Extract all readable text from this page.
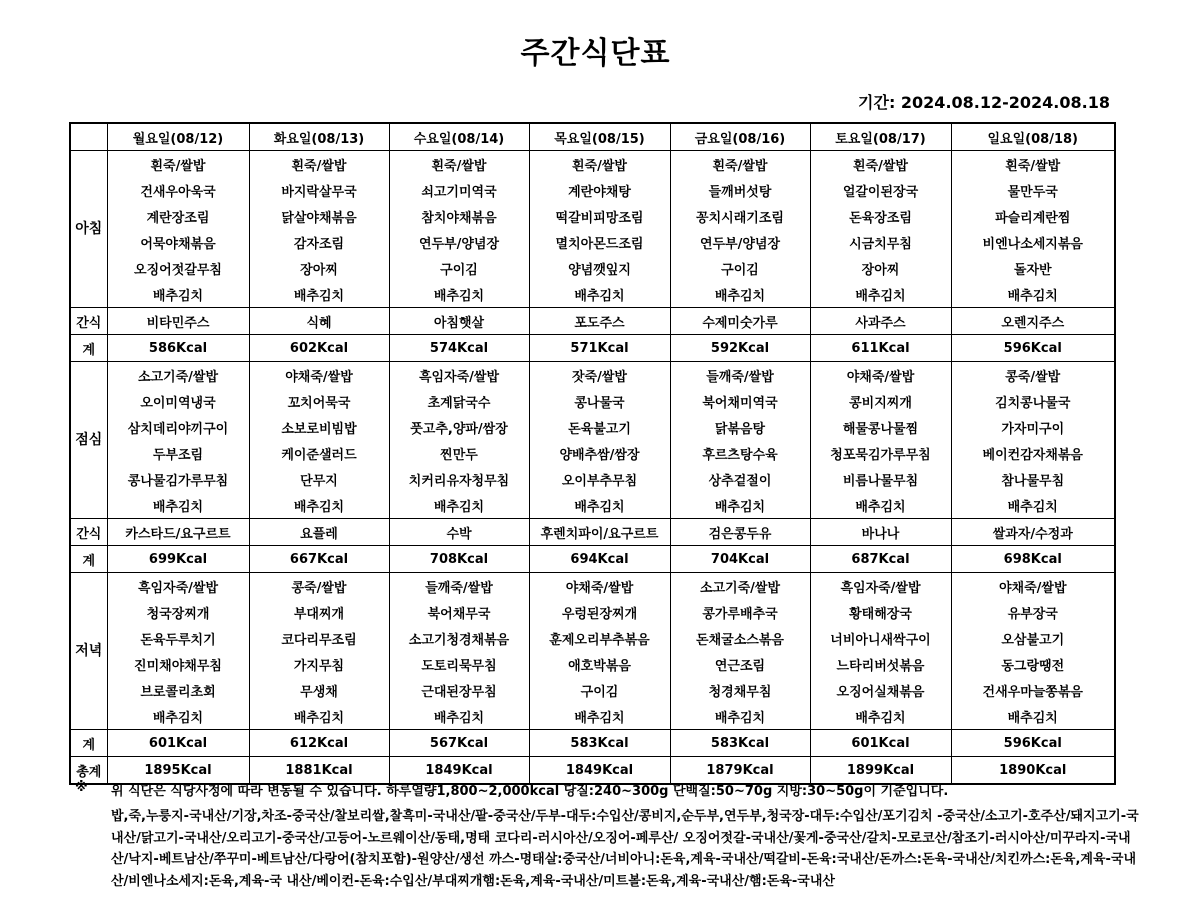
주간식단표
기간: 2024.08.12-2024.08.18
	월요일(08/12)	화요일(08/13)	수요일(08/14)	목요일(08/15)	금요일(08/16)	토요일(08/17)	일요일(08/18)
아침	흰죽/쌀밥	흰죽/쌀밥	흰죽/쌀밥	흰죽/쌀밥	흰죽/쌀밥	흰죽/쌀밥	흰죽/쌀밥
	건새우아욱국	바지락살무국	쇠고기미역국	계란야채탕	들깨버섯탕	얼갈이된장국	물만두국
	계란장조림	닭살야채볶음	참치야채볶음	떡갈비피망조림	꽁치시래기조림	돈육장조림	파슬리계란찜
	어묵야채볶음	감자조림	연두부/양념장	멸치아몬드조림	연두부/양념장	시금치무침	비엔나소세지볶음
	오징어젓갈무침	장아찌	구이김	양념깻잎지	구이김	장아찌	돌자반
	배추김치	배추김치	배추김치	배추김치	배추김치	배추김치	배추김치
간식	비타민주스	식혜	아침햇살	포도주스	수제미숫가루	사과주스	오렌지주스
계	586Kcal	602Kcal	574Kcal	571Kcal	592Kcal	611Kcal	596Kcal
점심	소고기죽/쌀밥	야채죽/쌀밥	흑임자죽/쌀밥	잣죽/쌀밥	들깨죽/쌀밥	야채죽/쌀밥	콩죽/쌀밥
	오이미역냉국	꼬치어묵국	초계닭국수	콩나물국	북어채미역국	콩비지찌개	김치콩나물국
	삼치데리야끼구이	소보로비빔밥	풋고추,양파/쌈장	돈육불고기	닭볶음탕	해물콩나물찜	가자미구이
	두부조림	케이준샐러드	찐만두	양배추쌈/쌈장	후르츠탕수육	청포묵김가루무침	베이컨감자채볶음
	콩나물김가루무침	단무지	치커리유자청무침	오이부추무침	상추겉절이	비름나물무침	참나물무침
	배추김치	배추김치	배추김치	배추김치	배추김치	배추김치	배추김치
간식	카스타드/요구르트	요플레	수박	후렌치파이/요구르트	검은콩두유	바나나	쌀과자/수정과
계	699Kcal	667Kcal	708Kcal	694Kcal	704Kcal	687Kcal	698Kcal
저녁	흑임자죽/쌀밥	콩죽/쌀밥	들깨죽/쌀밥	야채죽/쌀밥	소고기죽/쌀밥	흑임자죽/쌀밥	야채죽/쌀밥
	청국장찌개	부대찌개	북어채무국	우렁된장찌개	콩가루배추국	황태해장국	유부장국
	돈육두루치기	코다리무조림	소고기청경채볶음	훈제오리부추볶음	돈채굴소스볶음	너비아니새싹구이	오삼불고기
	진미채야채무침	가지무침	도토리묵무침	애호박볶음	연근조림	느타리버섯볶음	동그랑땡전
	브로콜리초회	무생채	근대된장무침	구이김	청경채무침	오징어실채볶음	건새우마늘쫑볶음
	배추김치	배추김치	배추김치	배추김치	배추김치	배추김치	배추김치
계	601Kcal	612Kcal	567Kcal	583Kcal	583Kcal	601Kcal	596Kcal
총계	1895Kcal	1881Kcal	1849Kcal	1849Kcal	1879Kcal	1899Kcal	1890Kcal
※ 위 식단은 식당사정에 따라 변동될 수 있습니다. 하루열량1,800~2,000kcal 당질:240~300g 단백질:50~70g 지방:30~50g이 기준입니다.
밥,죽,누룽지-국내산/기장,차조-중국산/찰보리쌀,찰흑미-국내산/팥-중국산/두부-대두:수입산/콩비지,순두부,연두부,청국장-대두:수입산/포기김치 -중국산/소고기-호주산/돼지고기-국내산/닭고기-국내산/오리고기-중국산/고등어-노르웨이산/동태,명태 코다리-러시아산/오징어-페루산/ 오징어젓갈-국내산/꽃게-중국산/갈치-모로코산/참조기-러시아산/미꾸라지-국내산/낙지-베트남산/쭈꾸미-베트남산/다랑어(참치포함)-원양산/생선 까스-명태살:중국산/너비아니:돈육,계육-국내산/떡갈비-돈육:국내산/돈까스:돈육-국내산/치킨까스:돈육,계육-국내산/비엔나소세지:돈육,계육-국 내산/베이컨-돈육:수입산/부대찌개햄:돈육,계육-국내산/미트볼:돈육,계육-국내산/햄:돈육-국내산
